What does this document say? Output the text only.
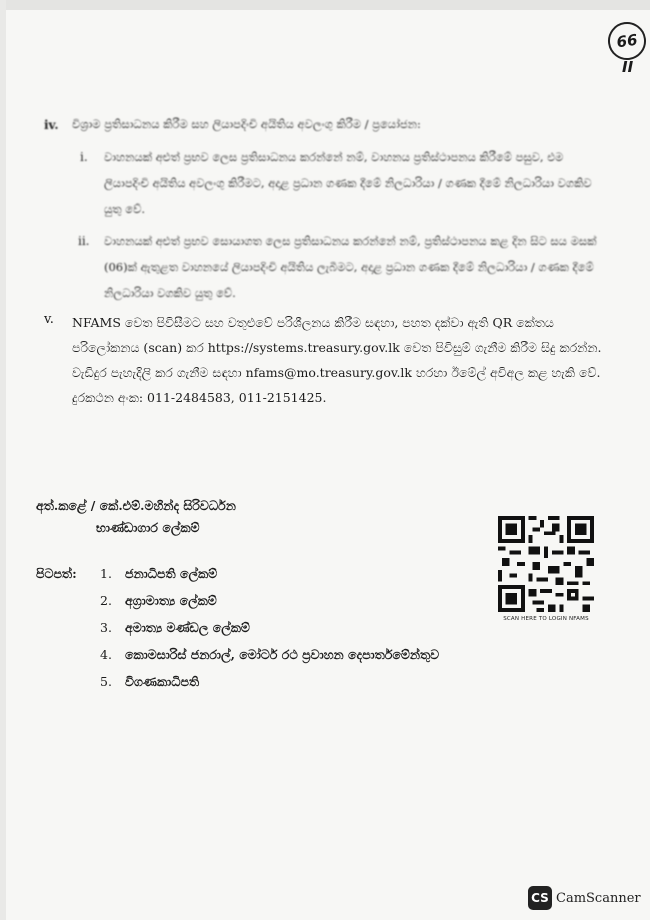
66
II
iv. විශ්‍රාම ප්‍රතිසාධනය කිරීම සහ ලියාපදිංචි අයිතිය අවලංගු කිරීම / ප්‍රයෝජන:
i. වාහනයක් අළුත් ප්‍රභව ලෙස ප්‍රතිසාධනය කරන්නේ නම්, වාහනය ප්‍රතිස්ථාපනය කිරීමේ පසුව, එම ලියාපදිංචි අයිතිය අවලංගු කිරීමට, අදාළ ප්‍රධාන ගණක දීමේ නිලධාරියා / ගණක දීමේ නිලධාරියා වගකිව යුතු වේ.
ii. වාහනයක් අළුත් ප්‍රභව සොයාගත ලෙස ප්‍රතිසාධනය කරන්නේ නම්, ප්‍රතිස්ථාපනය කළ දින සිට සය මසක් (06)ක් ඇතුළත වාහනයේ ලියාපදිංචි අයිතිය ලැබීමට, අදාළ ප්‍රධාන ගණක දීමේ නිලධාරියා / ගණක දීමේ නිලධාරියා වගකිව යුතු වේ.
v. NFAMS වෙත පිවිසීමට සහ වතුළුවේ පරිශීලනය කිරීම සඳහා, පහත දක්වා ඇති QR කේතය පරිලෝකනය (scan) කර https://systems.treasury.gov.lk වෙත පිවිසුම් ගැනීම කිරීම සිදු කරන්න. වැඩිදුර පැහැදිලි කර ගැනීම සඳහා nfams@mo.treasury.gov.lk හරහා ඊමේල් අවිඅල කළ හැකි වේ. දුරකථන අංක: 011-2484583, 011-2151425.
අත්.කළේ / කේ.එම්.මහින්ද සිරිවර්ධන
භාණ්ඩාගාර ලේකම්
පිටපත්: 1. ජනාධිපති ලේකම්
2. අග්‍රාමාත්‍ය ලේකම්
3. අමාත්‍ය මණ්ඩල ලේකම්
4. කොමසාරිස් ජනරාල්, මෝටර් රථ ප්‍රවාහන දෙපාර්තමේන්තුව
5. විගණකාධිපති
SCAN HERE TO LOGIN NFAMS
CS CamScanner
